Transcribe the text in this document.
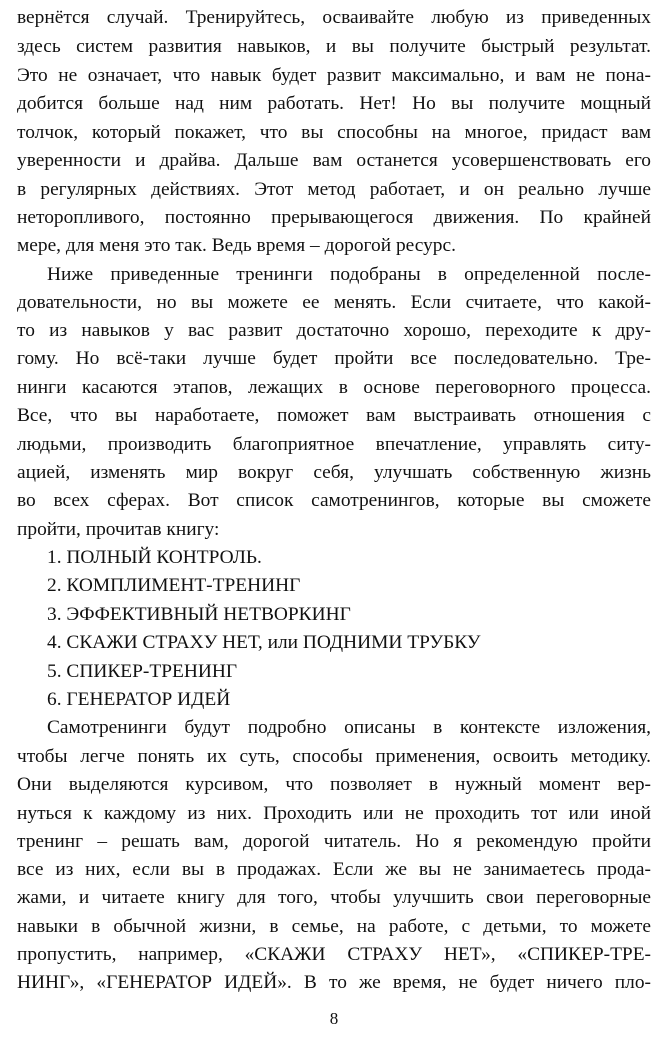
вернётся случай. Тренируйтесь, осваивайте любую из приведенных
здесь систем развития навыков, и вы получите быстрый результат.
Это не означает, что навык будет развит максимально, и вам не пона-
добится больше над ним работать. Нет! Но вы получите мощный
толчок, который покажет, что вы способны на многое, придаст вам
уверенности и драйва. Дальше вам останется усовершенствовать его
в регулярных действиях. Этот метод работает, и он реально лучше
неторопливого, постоянно прерывающегося движения. По крайней
мере, для меня это так. Ведь время – дорогой ресурс.
Ниже приведенные тренинги подобраны в определенной после-
довательности, но вы можете ее менять. Если считаете, что какой-
то из навыков у вас развит достаточно хорошо, переходите к дру-
гому. Но всё-таки лучше будет пройти все последовательно. Тре-
нинги касаются этапов, лежащих в основе переговорного процесса.
Все, что вы наработаете, поможет вам выстраивать отношения с
людьми, производить благоприятное впечатление, управлять ситу-
ацией, изменять мир вокруг себя, улучшать собственную жизнь
во всех сферах. Вот список самотренингов, которые вы сможете
пройти, прочитав книгу:
1. ПОЛНЫЙ КОНТРОЛЬ.
2. КОМПЛИМЕНТ-ТРЕНИНГ
3. ЭФФЕКТИВНЫЙ НЕТВОРКИНГ
4. СКАЖИ СТРАХУ НЕТ, или ПОДНИМИ ТРУБКУ
5. СПИКЕР-ТРЕНИНГ
6. ГЕНЕРАТОР ИДЕЙ
Самотренинги будут подробно описаны в контексте изложения,
чтобы легче понять их суть, способы применения, освоить методику.
Они выделяются курсивом, что позволяет в нужный момент вер-
нуться к каждому из них. Проходить или не проходить тот или иной
тренинг – решать вам, дорогой читатель. Но я рекомендую пройти
все из них, если вы в продажах. Если же вы не занимаетесь прода-
жами, и читаете книгу для того, чтобы улучшить свои переговорные
навыки в обычной жизни, в семье, на работе, с детьми, то можете
пропустить, например, «СКАЖИ СТРАХУ НЕТ», «СПИКЕР-ТРЕ-
НИНГ», «ГЕНЕРАТОР ИДЕЙ». В то же время, не будет ничего пло-
8
